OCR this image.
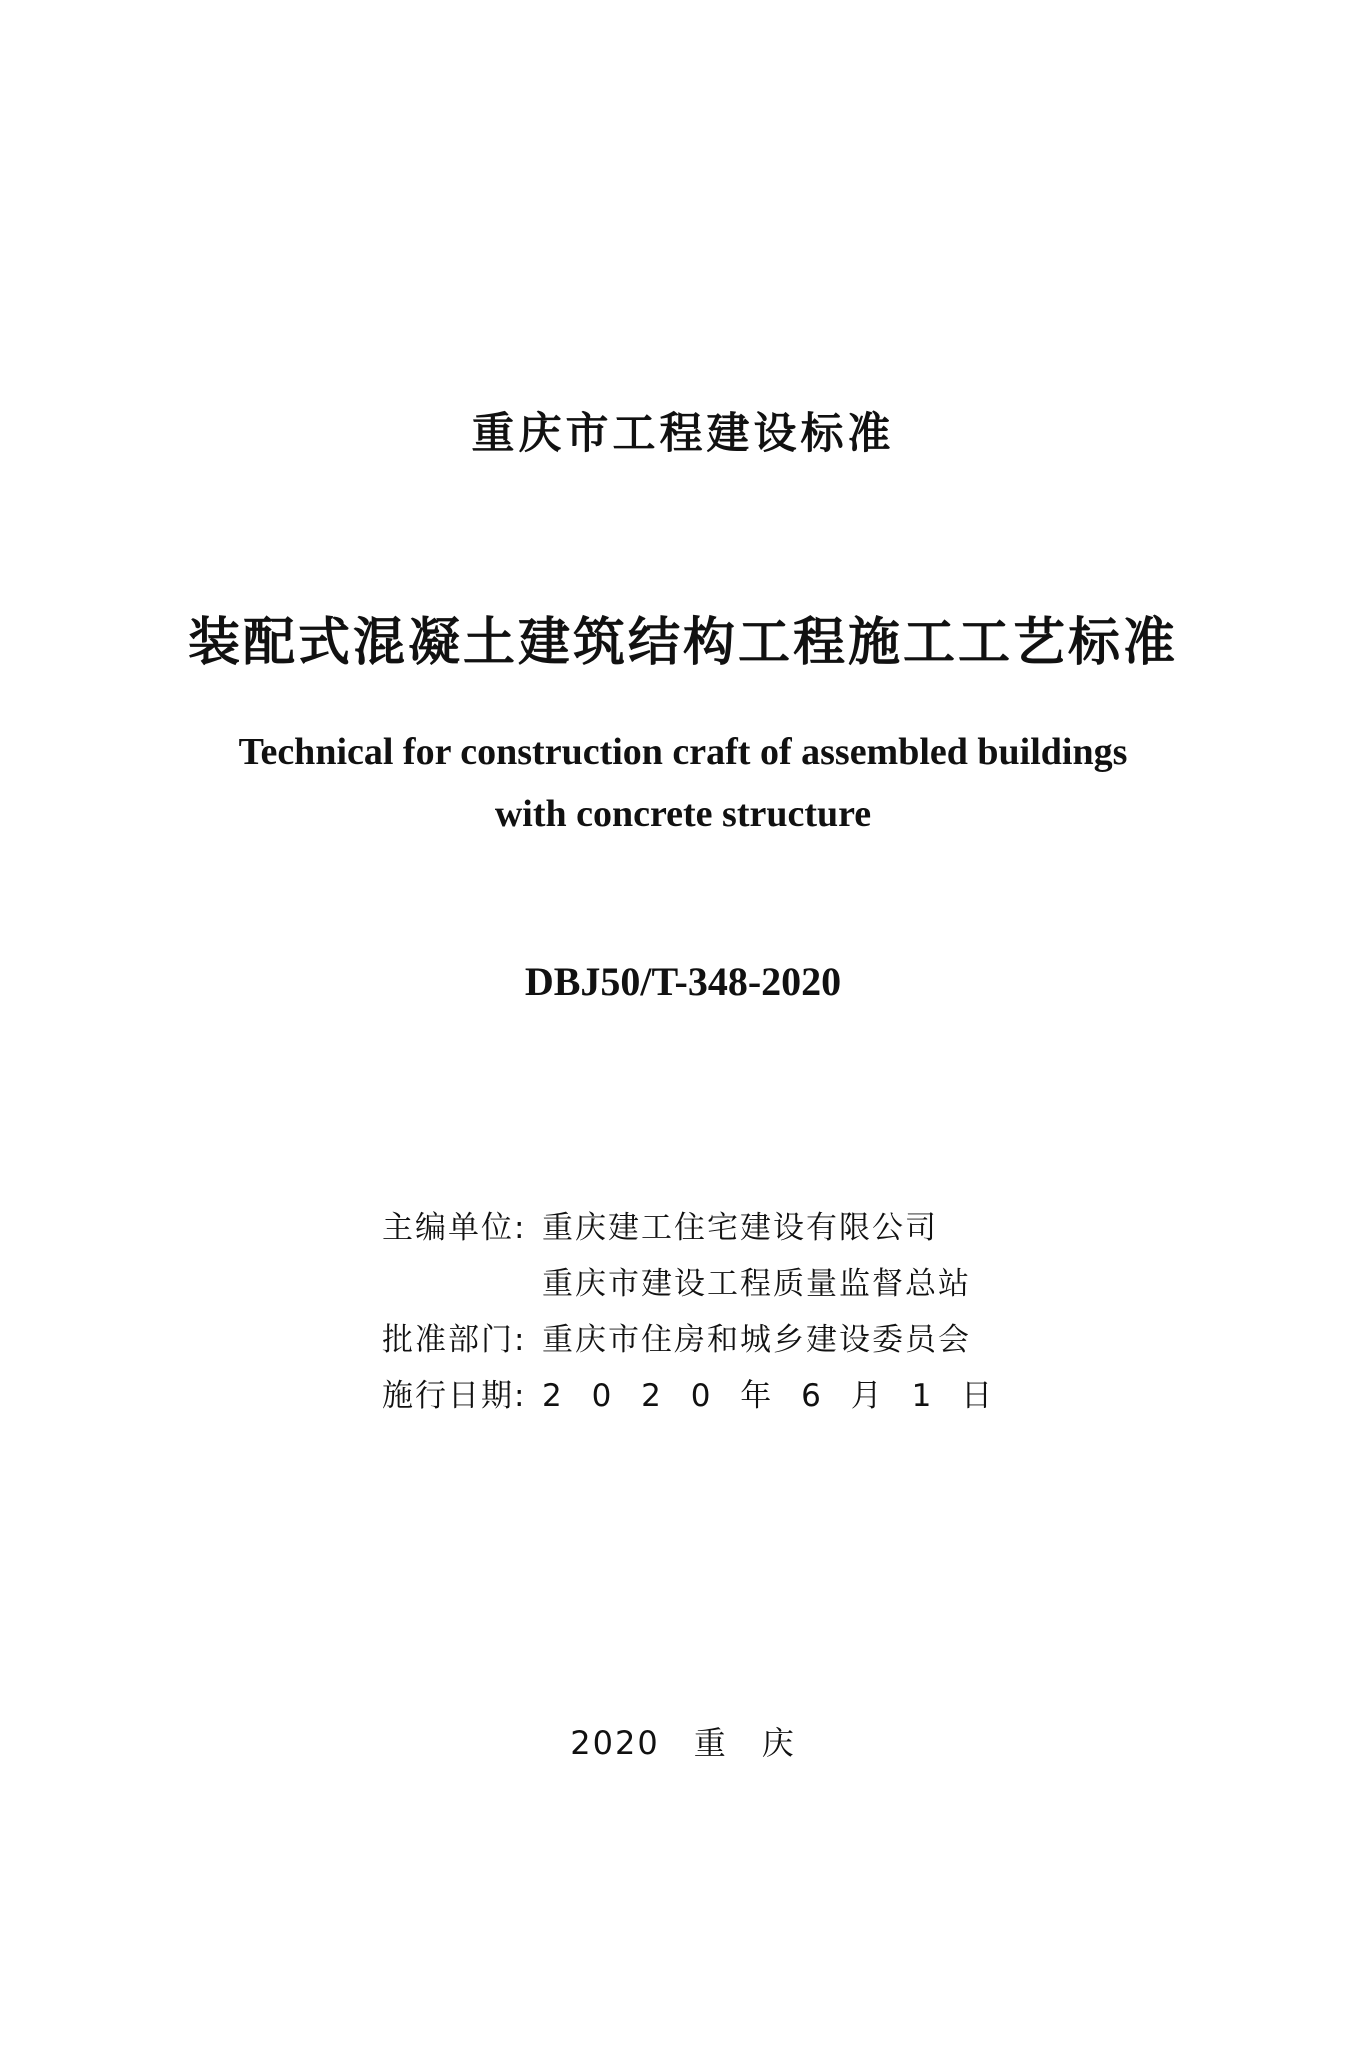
重庆市工程建设标准
装配式混凝土建筑结构工程施工工艺标准
Technical for construction craft of assembled buildings
with concrete structure
DBJ50/T-348-2020
主编单位: 重庆建工住宅建设有限公司
重庆市建设工程质量监督总站
批准部门: 重庆市住房和城乡建设委员会
施行日期: 2 0 2 0 年 6 月 1 日
2020　重　庆
